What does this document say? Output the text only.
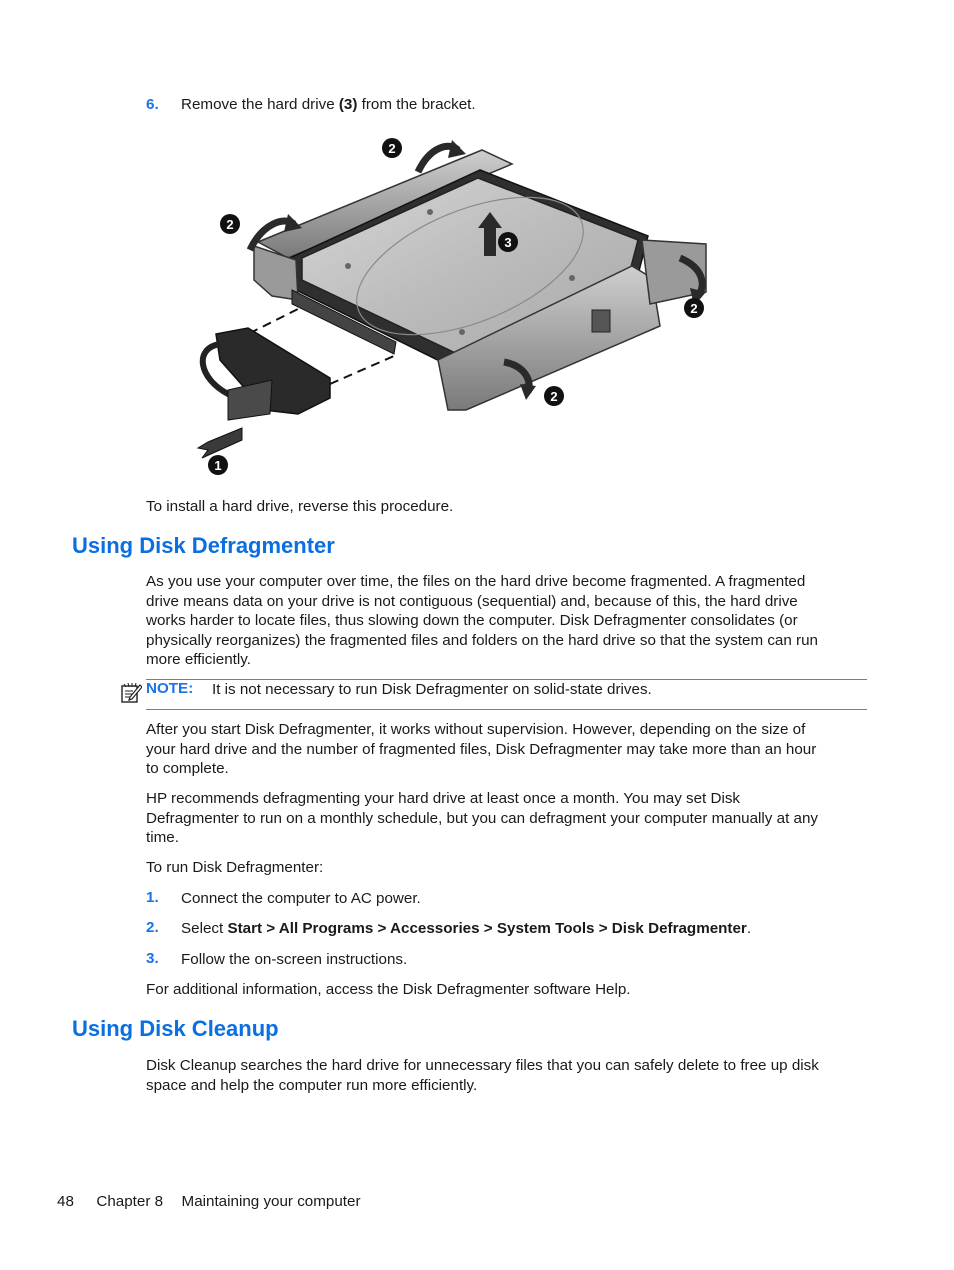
6. Remove the hard drive (3) from the bracket.
2
2
3
2
2
1

To install a hard drive, reverse this procedure.

Using Disk Defragmenter

As you use your computer over time, the files on the hard drive become fragmented. A fragmented

drive means data on your drive is not contiguous (sequential) and, because of this, the hard drive

works harder to locate files, thus slowing down the computer. Disk Defragmenter consolidates (or

physically reorganizes) the fragmented files and folders on the hard drive so that the system can run

more efficiently.

NOTE: It is not necessary to run Disk Defragmenter on solid-state drives.

After you start Disk Defragmenter, it works without supervision. However, depending on the size of

your hard drive and the number of fragmented files, Disk Defragmenter may take more than an hour

to complete.

HP recommends defragmenting your hard drive at least once a month. You may set Disk

Defragmenter to run on a monthly schedule, but you can defragment your computer manually at any

time.

To run Disk Defragmenter:

1. Connect the computer to AC power.

2. Select Start > All Programs > Accessories > System Tools > Disk Defragmenter.

3. Follow the on-screen instructions.

For additional information, access the Disk Defragmenter software Help.

Using Disk Cleanup

Disk Cleanup searches the hard drive for unnecessary files that you can safely delete to free up disk

space and help the computer run more efficiently.

48 Chapter 8 Maintaining your computer
